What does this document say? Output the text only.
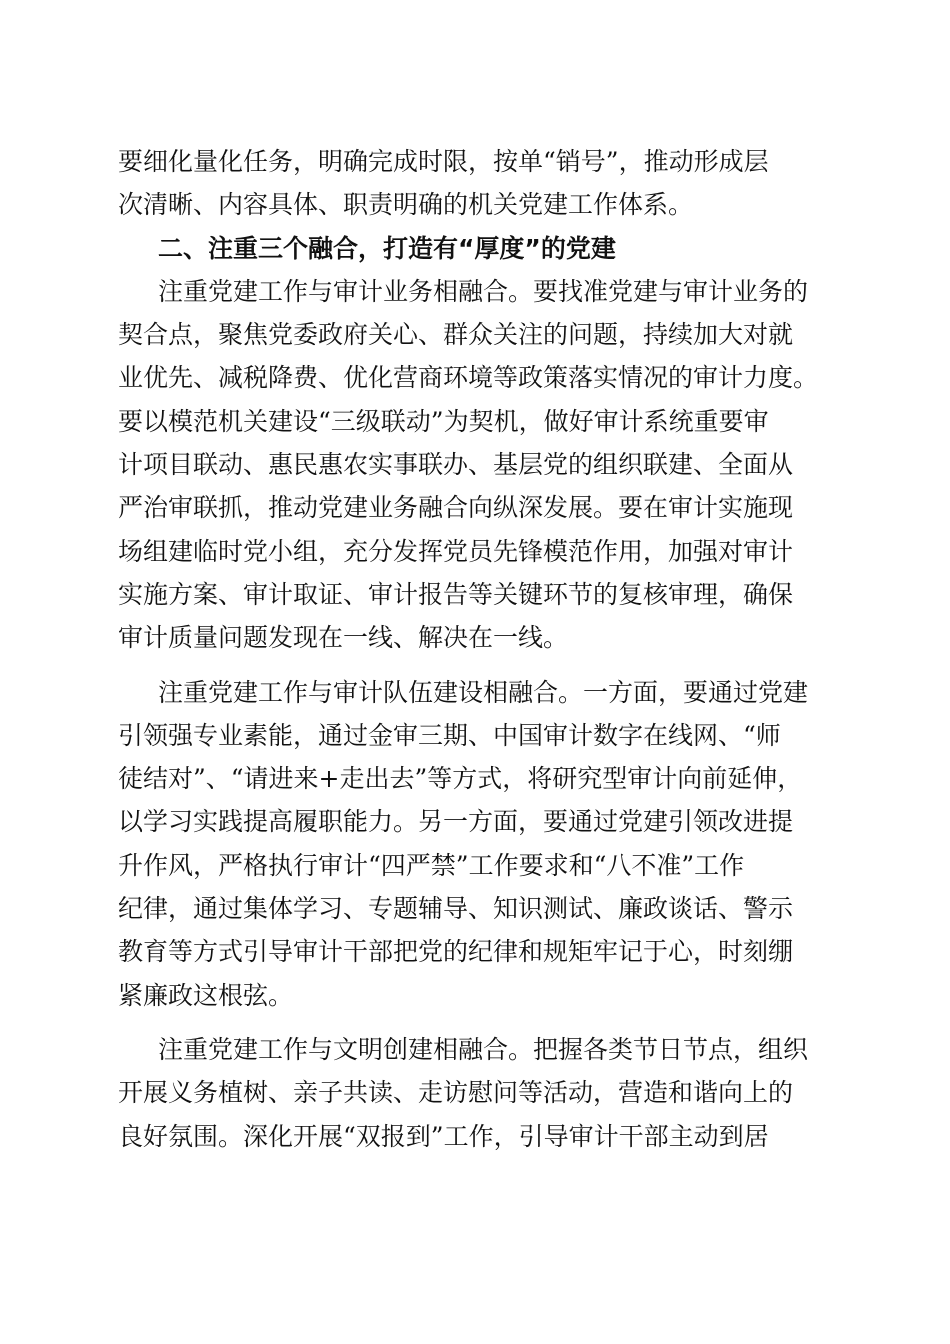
要细化量化任务，明确完成时限，按单“销号”，推动形成层
次清晰、内容具体、职责明确的机关党建工作体系。
二、注重三个融合，打造有“厚度”的党建
注重党建工作与审计业务相融合。要找准党建与审计业务的
契合点，聚焦党委政府关心、群众关注的问题，持续加大对就
业优先、减税降费、优化营商环境等政策落实情况的审计力度。
要以模范机关建设“三级联动”为契机，做好审计系统重要审
计项目联动、惠民惠农实事联办、基层党的组织联建、全面从
严治审联抓，推动党建业务融合向纵深发展。要在审计实施现
场组建临时党小组，充分发挥党员先锋模范作用，加强对审计
实施方案、审计取证、审计报告等关键环节的复核审理，确保
审计质量问题发现在一线、解决在一线。
注重党建工作与审计队伍建设相融合。一方面，要通过党建
引领强专业素能，通过金审三期、中国审计数字在线网、“师
徒结对”、“请进来+走出去”等方式，将研究型审计向前延伸，
以学习实践提高履职能力。另一方面，要通过党建引领改进提
升作风，严格执行审计“四严禁”工作要求和“八不准”工作
纪律，通过集体学习、专题辅导、知识测试、廉政谈话、警示
教育等方式引导审计干部把党的纪律和规矩牢记于心，时刻绷
紧廉政这根弦。
注重党建工作与文明创建相融合。把握各类节日节点，组织
开展义务植树、亲子共读、走访慰问等活动，营造和谐向上的
良好氛围。深化开展“双报到”工作，引导审计干部主动到居
